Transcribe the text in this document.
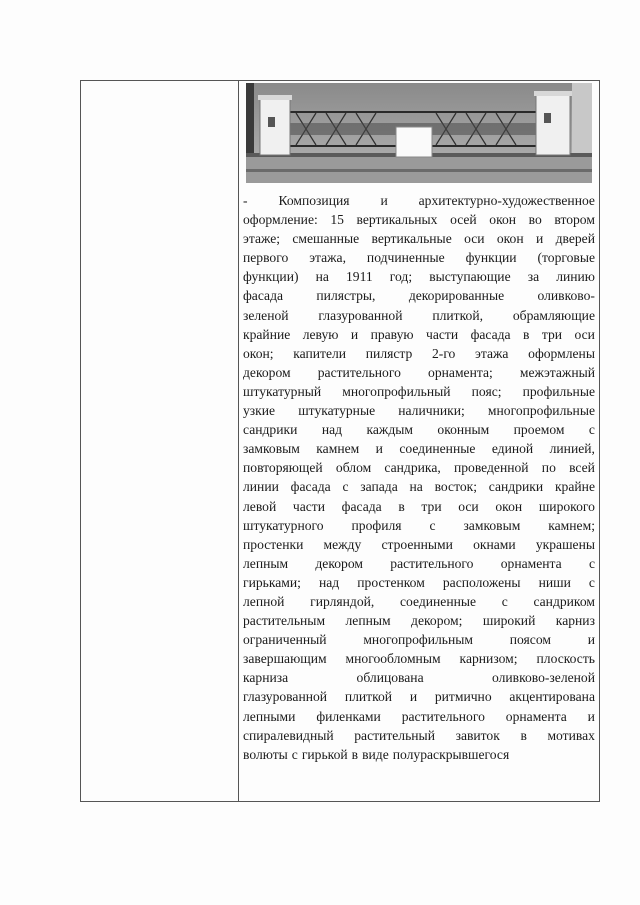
- Композиция и архитектурно-художественное
оформление: 15 вертикальных осей окон во втором
этаже; смешанные вертикальные оси окон и дверей
первого этажа, подчиненные функции (торговые
функции) на 1911 год; выступающие за линию
фасада пилястры, декорированные оливково-
зеленой глазурованной плиткой, обрамляющие
крайние левую и правую части фасада в три оси
окон; капители пилястр 2-го этажа оформлены
декором растительного орнамента; межэтажный
штукатурный многопрофильный пояс; профильные
узкие штукатурные наличники; многопрофильные
сандрики над каждым оконным проемом с
замковым камнем и соединенные единой линией,
повторяющей облом сандрика, проведенной по всей
линии фасада с запада на восток; сандрики крайне
левой части фасада в три оси окон широкого
штукатурного профиля с замковым камнем;
простенки между строенными окнами украшены
лепным декором растительного орнамента с
гирьками; над простенком расположены ниши с
лепной гирляндой, соединенные с сандриком
растительным лепным декором; широкий карниз
ограниченный	многопрофильным	поясом	и
завершающим многообломным карнизом; плоскость
карниза	облицована	оливково-зеленой
глазурованной плиткой и ритмично акцентирована
лепными филенками растительного орнамента и
спиралевидный растительный завиток в мотивах
волюты с гирькой в виде полураскрывшегося
